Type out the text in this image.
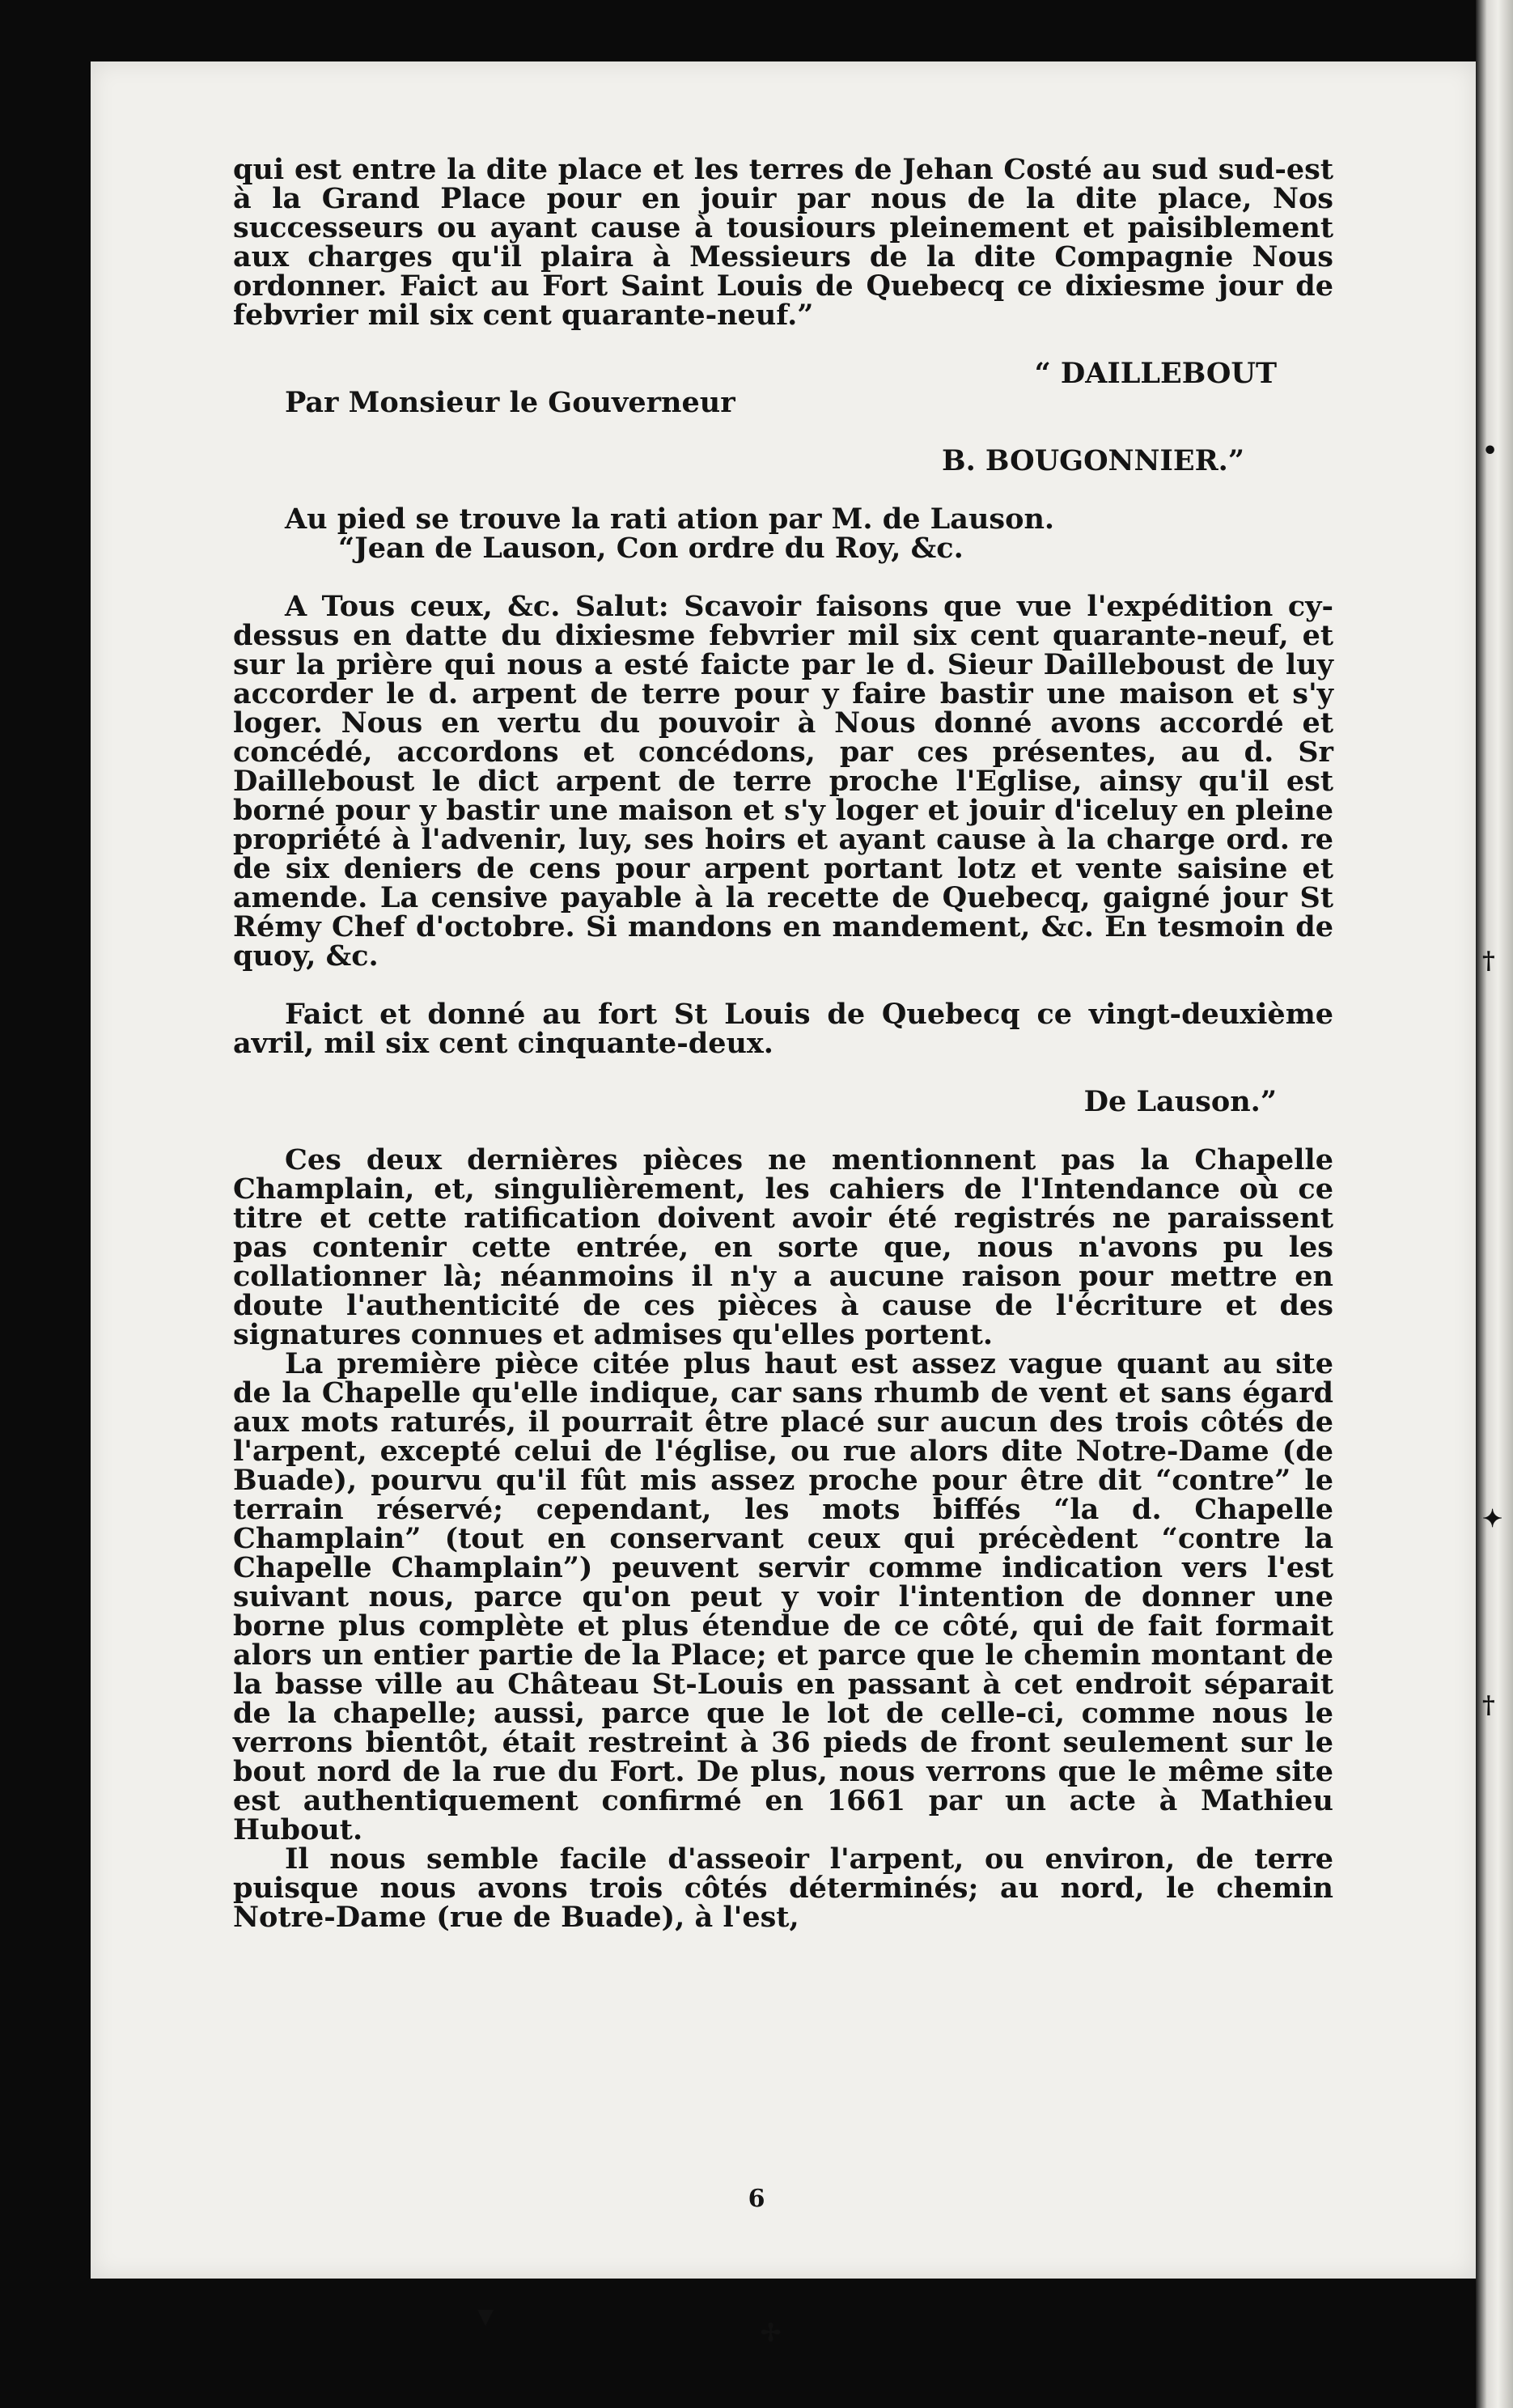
qui est entre la dite place et les terres de Jehan Costé au sud sud-est à la Grand Place pour en jouir par nous de la dite place, Nos successeurs ou ayant cause à tousiours pleinement et paisiblement aux charges qu'il plaira à Messieurs de la dite Compagnie Nous ordonner. Faict au Fort Saint Louis de Quebecq ce dixiesme jour de febvrier mil six cent quarante-neuf.”

“ DAILLEBOUT

Par Monsieur le Gouverneur

B. BOUGONNIER.”

Au pied se trouve la rati ation par M. de Lauson.

“Jean de Lauson, Con ordre du Roy, &c.

A Tous ceux, &c. Salut: Scavoir faisons que vue l'expédition cy-dessus en datte du dixiesme febvrier mil six cent quarante-neuf, et sur la prière qui nous a esté faicte par le d. Sieur Dailleboust de luy accorder le d. arpent de terre pour y faire bastir une maison et s'y loger. Nous en vertu du pouvoir à Nous donné avons accordé et concédé, accordons et concédons, par ces présentes, au d. Sr Dailleboust le dict arpent de terre proche l'Eglise, ainsy qu'il est borné pour y bastir une maison et s'y loger et jouir d'iceluy en pleine propriété à l'advenir, luy, ses hoirs et ayant cause à la charge ord. re de six deniers de cens pour arpent portant lotz et vente saisine et amende. La censive payable à la recette de Quebecq, gaigné jour St Rémy Chef d'octobre. Si mandons en mandement, &c. En tesmoin de quoy, &c.

Faict et donné au fort St Louis de Quebecq ce vingt-deuxième avril, mil six cent cinquante-deux.

De Lauson.”

Ces deux dernières pièces ne mentionnent pas la Chapelle Champlain, et, singulièrement, les cahiers de l'Intendance où ce titre et cette ratification doivent avoir été registrés ne paraissent pas contenir cette entrée, en sorte que, nous n'avons pu les collationner là; néanmoins il n'y a aucune raison pour mettre en doute l'authenticité de ces pièces à cause de l'écriture et des signatures connues et admises qu'elles portent.

La première pièce citée plus haut est assez vague quant au site de la Chapelle qu'elle indique, car sans rhumb de vent et sans égard aux mots raturés, il pourrait être placé sur aucun des trois côtés de l'arpent, excepté celui de l'église, ou rue alors dite Notre-Dame (de Buade), pourvu qu'il fût mis assez proche pour être dit “contre” le terrain réservé; cependant, les mots biffés “la d. Chapelle Champlain” (tout en conservant ceux qui précèdent “contre la Chapelle Champlain”) peuvent servir comme indication vers l'est suivant nous, parce qu'on peut y voir l'intention de donner une borne plus complète et plus étendue de ce côté, qui de fait formait alors un entier partie de la Place; et parce que le chemin montant de la basse ville au Château St-Louis en passant à cet endroit séparait de la chapelle; aussi, parce que le lot de celle-ci, comme nous le verrons bientôt, était restreint à 36 pieds de front seulement sur le bout nord de la rue du Fort. De plus, nous verrons que le même site est authentiquement confirmé en 1661 par un acte à Mathieu Hubout.

Il nous semble facile d'asseoir l'arpent, ou environ, de terre puisque nous avons trois côtés déterminés; au nord, le chemin Notre-Dame (rue de Buade), à l'est,

6
▾	✢
•
†
✦
†
